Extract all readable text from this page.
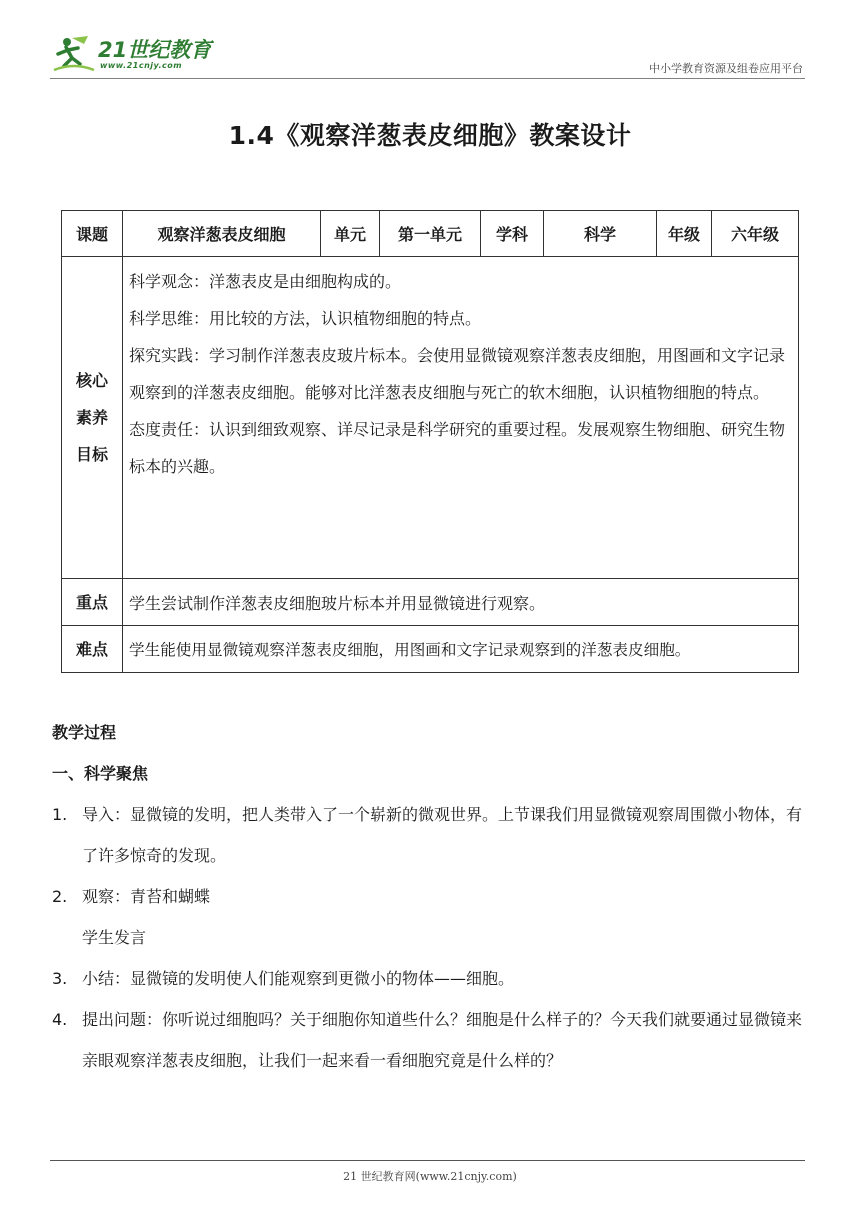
21世纪教育
www.21cnjy.com	中小学教育资源及组卷应用平台
1.4《观察洋葱表皮细胞》教案设计
课题	观察洋葱表皮细胞	单元	第一单元	学科	科学	年级	六年级
核心素养目标	科学观念：洋葱表皮是由细胞构成的。

科学思维：用比较的方法，认识植物细胞的特点。

探究实践：学习制作洋葱表皮玻片标本。会使用显微镜观察洋葱表皮细胞，用图画和文字记录观察到的洋葱表皮细胞。能够对比洋葱表皮细胞与死亡的软木细胞，认识植物细胞的特点。

态度责任：认识到细致观察、详尽记录是科学研究的重要过程。发展观察生物细胞、研究生物标本的兴趣。						

重点	学生尝试制作洋葱表皮细胞玻片标本并用显微镜进行观察。						
难点	学生能使用显微镜观察洋葱表皮细胞，用图画和文字记录观察到的洋葱表皮细胞。						
教学过程
一、科学聚焦
1. 导入：显微镜的发明，把人类带入了一个崭新的微观世界。上节课我们用显微镜观察周围微小物体，有了许多惊奇的发现。
2. 观察：青苔和蝴蝶
学生发言
3. 小结：显微镜的发明使人们能观察到更微小的物体——细胞。
4. 提出问题：你听说过细胞吗？关于细胞你知道些什么？细胞是什么样子的？今天我们就要通过显微镜来亲眼观察洋葱表皮细胞，让我们一起来看一看细胞究竟是什么样的？
21 世纪教育网(www.21cnjy.com)
